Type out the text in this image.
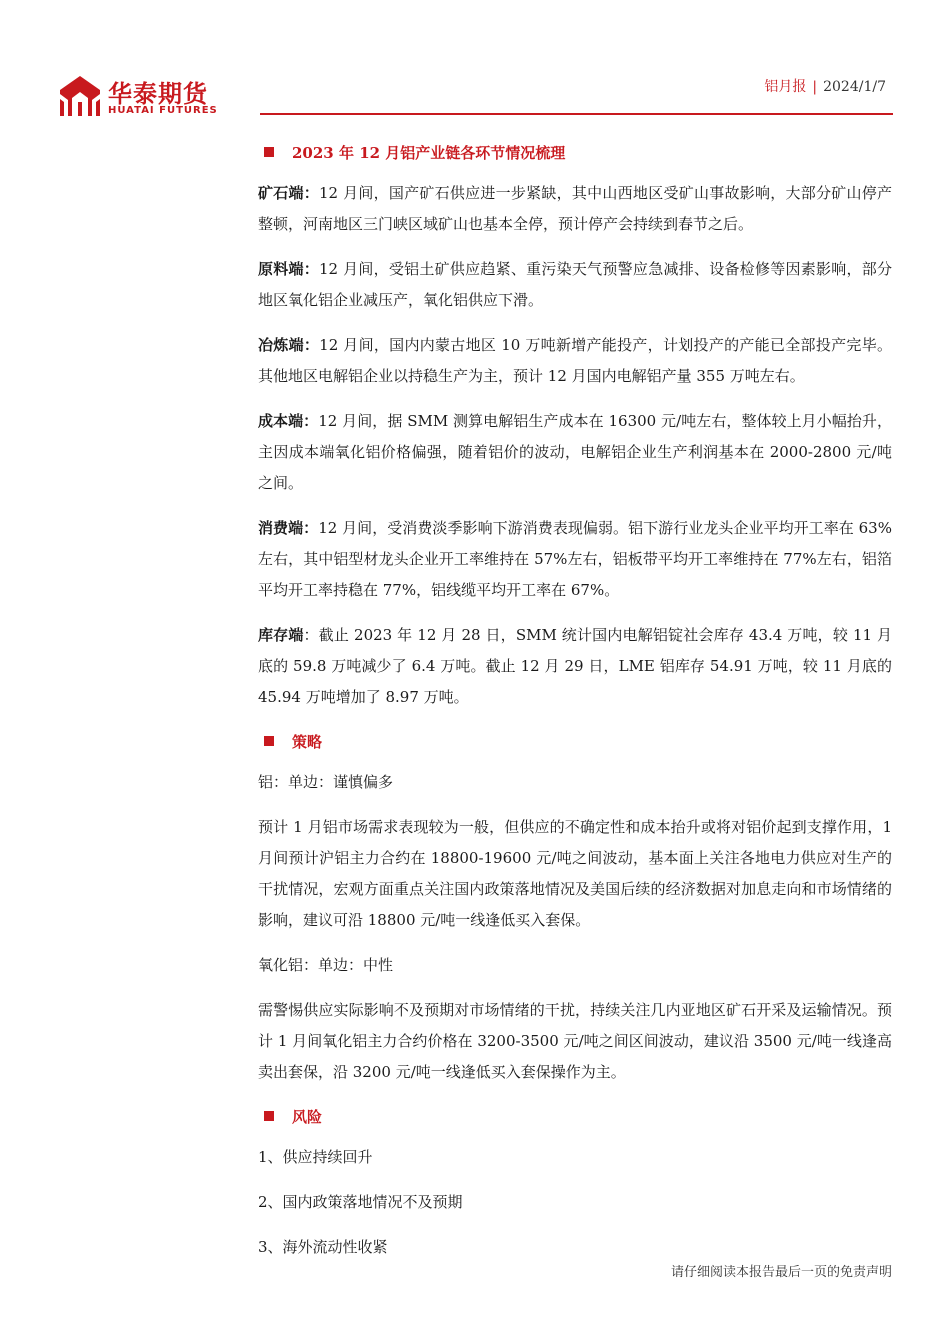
华泰期货
HUATAI FUTURES
铝月报 | 2024/1/7
2023 年 12 月铝产业链各环节情况梳理

矿石端：12 月间，国产矿石供应进一步紧缺，其中山西地区受矿山事故影响，大部分矿山停产整顿，河南地区三门峡区域矿山也基本全停，预计停产会持续到春节之后。

原料端：12 月间，受铝土矿供应趋紧、重污染天气预警应急减排、设备检修等因素影响，部分地区氧化铝企业减压产，氧化铝供应下滑。

冶炼端：12 月间，国内内蒙古地区 10 万吨新增产能投产，计划投产的产能已全部投产完毕。其他地区电解铝企业以持稳生产为主，预计 12 月国内电解铝产量 355 万吨左右。

成本端：12 月间，据 SMM 测算电解铝生产成本在 16300 元/吨左右，整体较上月小幅抬升，主因成本端氧化铝价格偏强，随着铝价的波动，电解铝企业生产利润基本在 2000-2800 元/吨之间。

消费端：12 月间，受消费淡季影响下游消费表现偏弱。铝下游行业龙头企业平均开工率在 63%左右，其中铝型材龙头企业开工率维持在 57%左右，铝板带平均开工率维持在 77%左右，铝箔平均开工率持稳在 77%，铝线缆平均开工率在 67%。

库存端：截止 2023 年 12 月 28 日，SMM 统计国内电解铝锭社会库存 43.4 万吨，较 11 月底的 59.8 万吨减少了 6.4 万吨。截止 12 月 29 日，LME 铝库存 54.91 万吨，较 11 月底的 45.94 万吨增加了 8.97 万吨。

策略

铝：单边：谨慎偏多

预计 1 月铝市场需求表现较为一般，但供应的不确定性和成本抬升或将对铝价起到支撑作用，1 月间预计沪铝主力合约在 18800-19600 元/吨之间波动，基本面上关注各地电力供应对生产的干扰情况，宏观方面重点关注国内政策落地情况及美国后续的经济数据对加息走向和市场情绪的影响，建议可沿 18800 元/吨一线逢低买入套保。

氧化铝：单边：中性

需警惕供应实际影响不及预期对市场情绪的干扰，持续关注几内亚地区矿石开采及运输情况。预计 1 月间氧化铝主力合约价格在 3200-3500 元/吨之间区间波动，建议沿 3500 元/吨一线逢高卖出套保，沿 3200 元/吨一线逢低买入套保操作为主。

风险

1、供应持续回升

2、国内政策落地情况不及预期

3、海外流动性收紧

请仔细阅读本报告最后一页的免责声明
